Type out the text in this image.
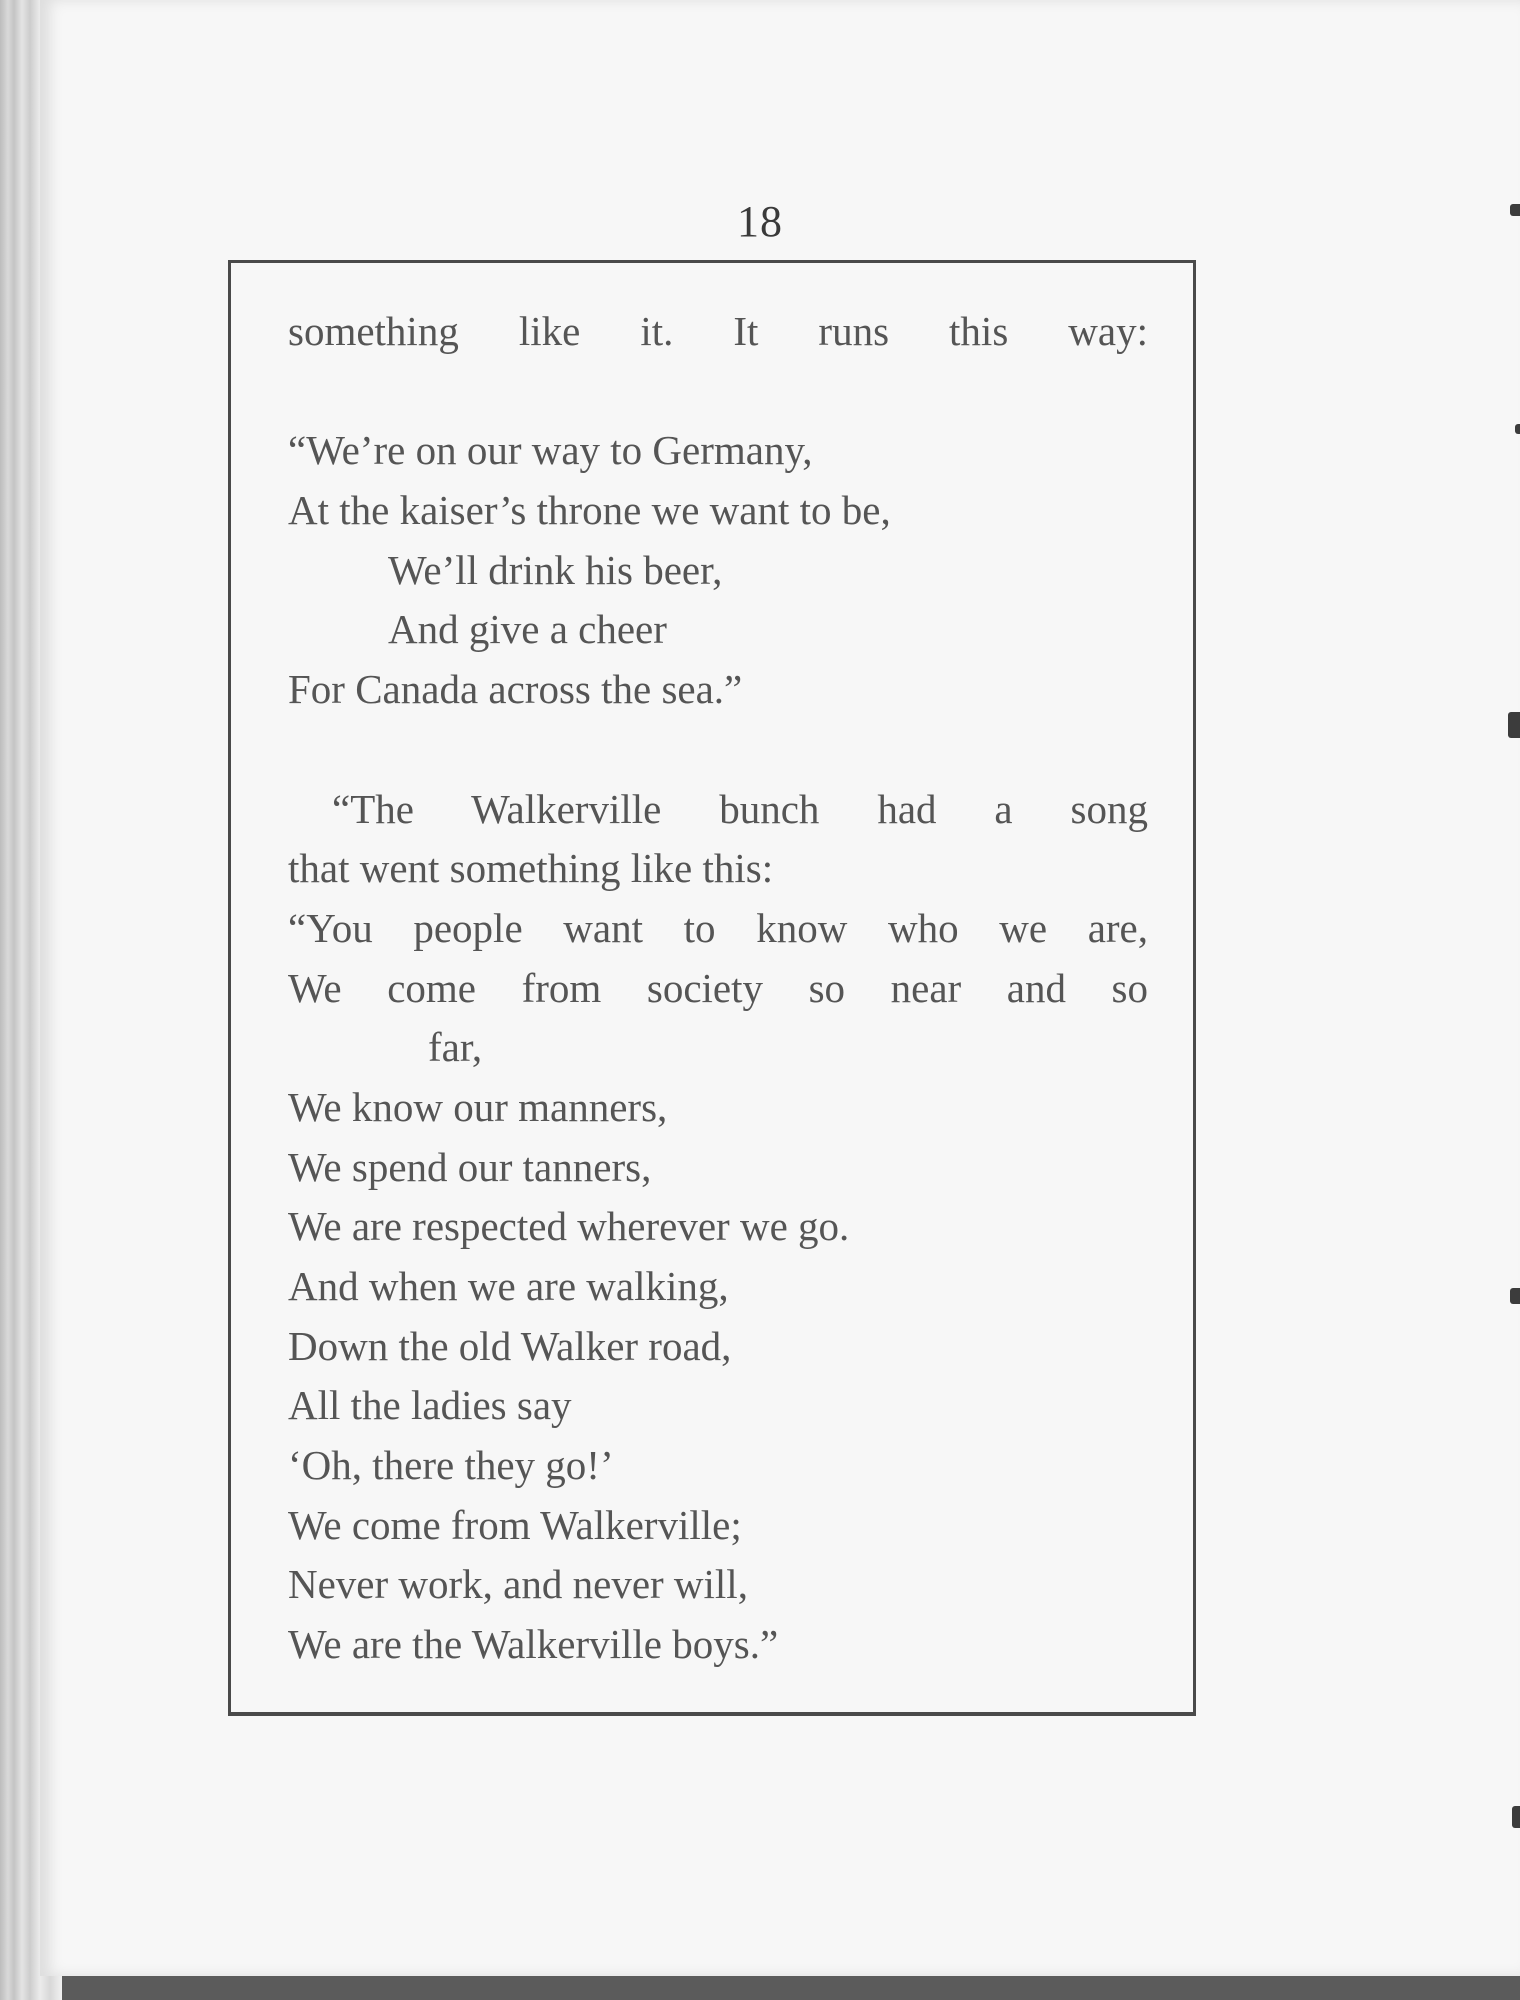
18
something like it. It runs this way:
“We’re on our way to Germany,
At the kaiser’s throne we want to be,
We’ll drink his beer,
And give a cheer
For Canada across the sea.”
“The Walkerville bunch had a song
that went something like this:
“You people want to know who we are,
We come from society so near and so
far,
We know our manners,
We spend our tanners,
We are respected wherever we go.
And when we are walking,
Down the old Walker road,
All the ladies say
‘Oh, there they go!’
We come from Walkerville;
Never work, and never will,
We are the Walkerville boys.”
